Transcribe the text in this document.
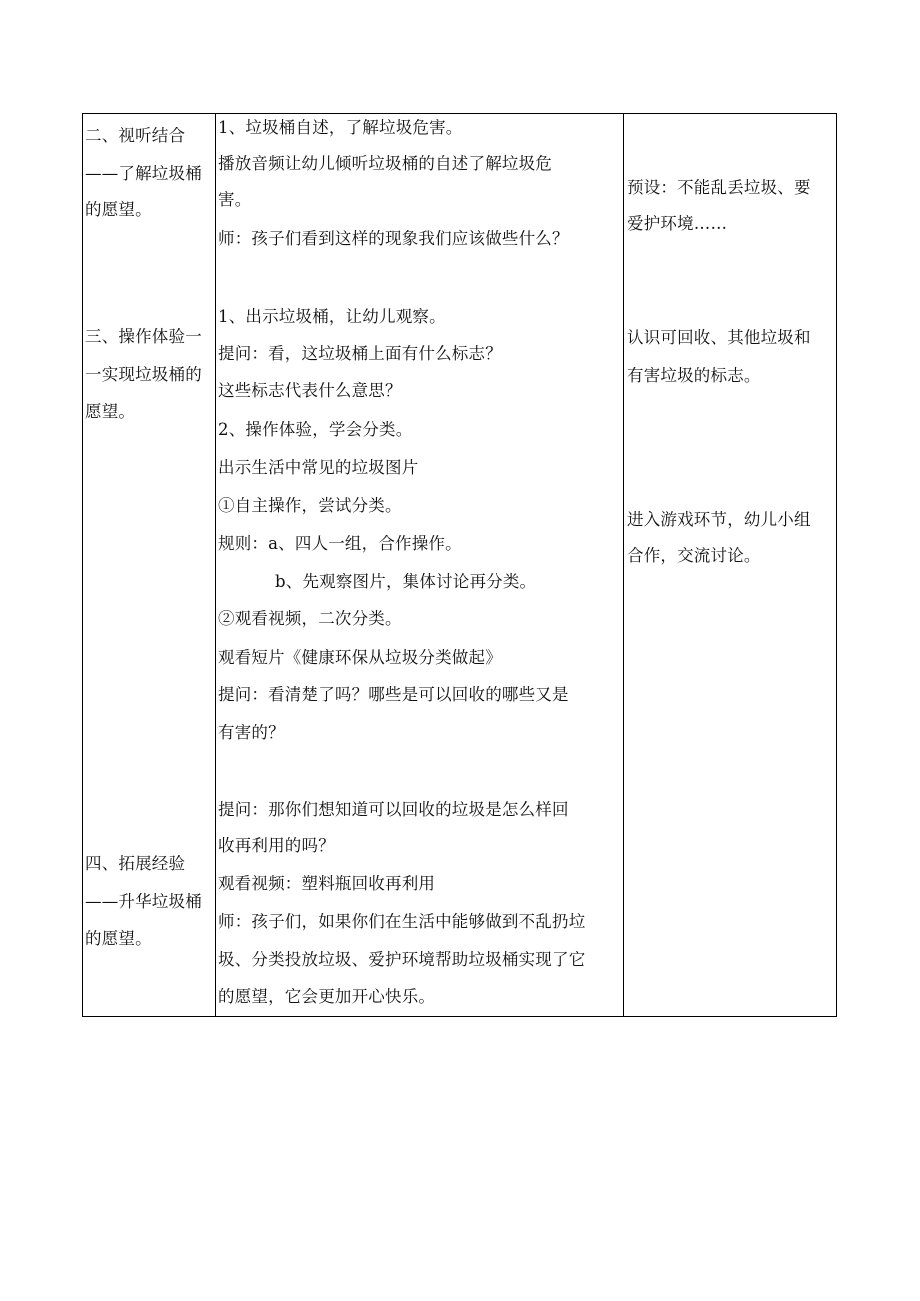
二、视听结合
——了解垃圾桶
的愿望。
1、垃圾桶自述，了解垃圾危害。
播放音频让幼儿倾听垃圾桶的自述了解垃圾危
害。
师：孩子们看到这样的现象我们应该做些什么？
预设：不能乱丢垃圾、要
爱护环境……
三、操作体验一
一实现垃圾桶的
愿望。
1、出示垃圾桶，让幼儿观察。
提问：看，这垃圾桶上面有什么标志？
这些标志代表什么意思？
2、操作体验，学会分类。
出示生活中常见的垃圾图片
①自主操作，尝试分类。
规则：a、四人一组，合作操作。
b、先观察图片，集体讨论再分类。
②观看视频，二次分类。
观看短片《健康环保从垃圾分类做起》
提问：看清楚了吗？哪些是可以回收的哪些又是
有害的？
认识可回收、其他垃圾和
有害垃圾的标志。
进入游戏环节，幼儿小组
合作，交流讨论。
四、拓展经验
——升华垃圾桶
的愿望。
提问：那你们想知道可以回收的垃圾是怎么样回
收再利用的吗？
观看视频：塑料瓶回收再利用
师：孩子们，如果你们在生活中能够做到不乱扔垃
圾、分类投放垃圾、爱护环境帮助垃圾桶实现了它
的愿望，它会更加开心快乐。
